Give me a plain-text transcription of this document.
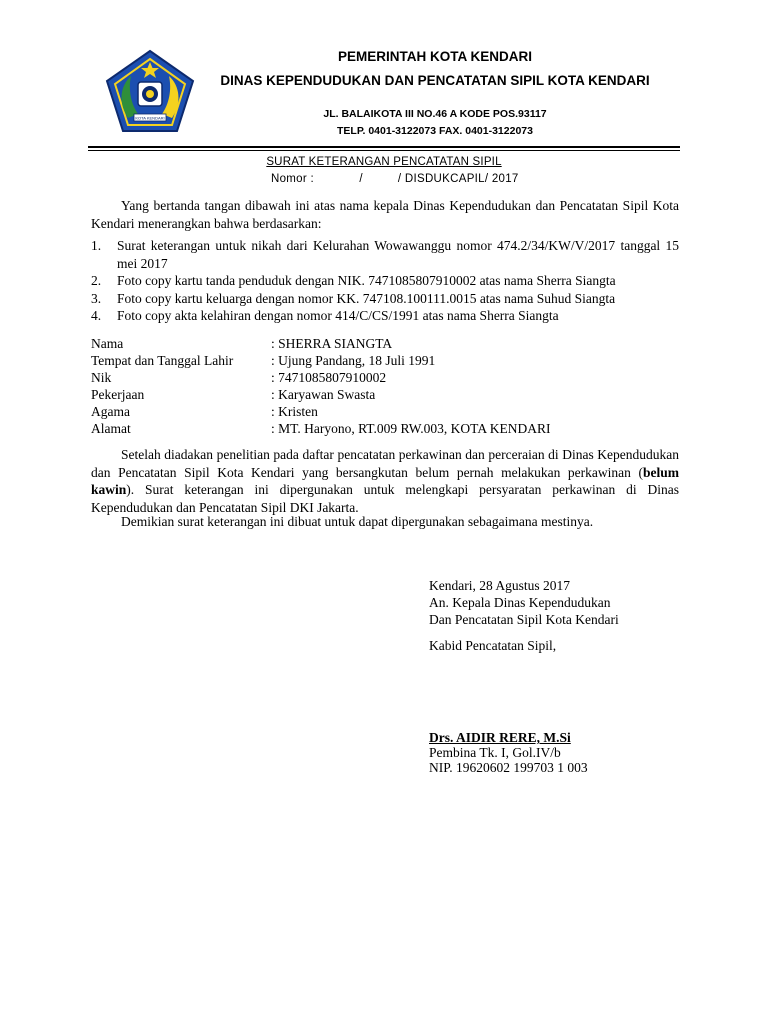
KOTA KENDARI
PEMERINTAH KOTA KENDARI
DINAS KEPENDUDUKAN DAN PENCATATAN SIPIL KOTA KENDARI
JL. BALAIKOTA III NO.46 A KODE POS.93117
TELP. 0401-3122073 FAX. 0401-3122073
SURAT KETERANGAN PENCATATAN SIPIL
Nomor :             /          / DISDUKCAPIL/ 2017
Yang bertanda tangan dibawah ini atas nama kepala Dinas Kependudukan dan Pencatatan Sipil Kota Kendari menerangkan bahwa berdasarkan:
1. Surat keterangan untuk nikah dari Kelurahan Wowawanggu nomor 474.2/34/KW/V/2017 tanggal 15 mei 2017
2. Foto copy kartu tanda penduduk dengan NIK. 7471085807910002 atas nama Sherra Siangta
3. Foto copy kartu keluarga dengan nomor KK. 747108.100111.0015 atas nama Suhud Siangta
4. Foto copy akta kelahiran dengan nomor 414/C/CS/1991 atas nama Sherra Siangta
Nama	: SHERRA SIANGTA
Tempat dan Tanggal Lahir	: Ujung Pandang, 18 Juli 1991
Nik	: 7471085807910002
Pekerjaan	: Karyawan Swasta
Agama	: Kristen
Alamat	: MT. Haryono, RT.009 RW.003, KOTA KENDARI
Setelah diadakan penelitian pada daftar pencatatan perkawinan dan perceraian di Dinas Kependudukan dan Pencatatan Sipil Kota Kendari yang bersangkutan belum pernah melakukan perkawinan (belum kawin). Surat keterangan ini dipergunakan untuk melengkapi persyaratan perkawinan di Dinas Kependudukan dan Pencatatan Sipil DKI Jakarta.
Demikian surat keterangan ini dibuat untuk dapat dipergunakan sebagaimana mestinya.
Kendari, 28 Agustus 2017
An. Kepala Dinas Kependudukan
Dan Pencatatan Sipil Kota Kendari
Kabid Pencatatan Sipil,
Drs. AIDIR RERE, M.Si
Pembina Tk. I, Gol.IV/b
NIP. 19620602 199703 1 003
